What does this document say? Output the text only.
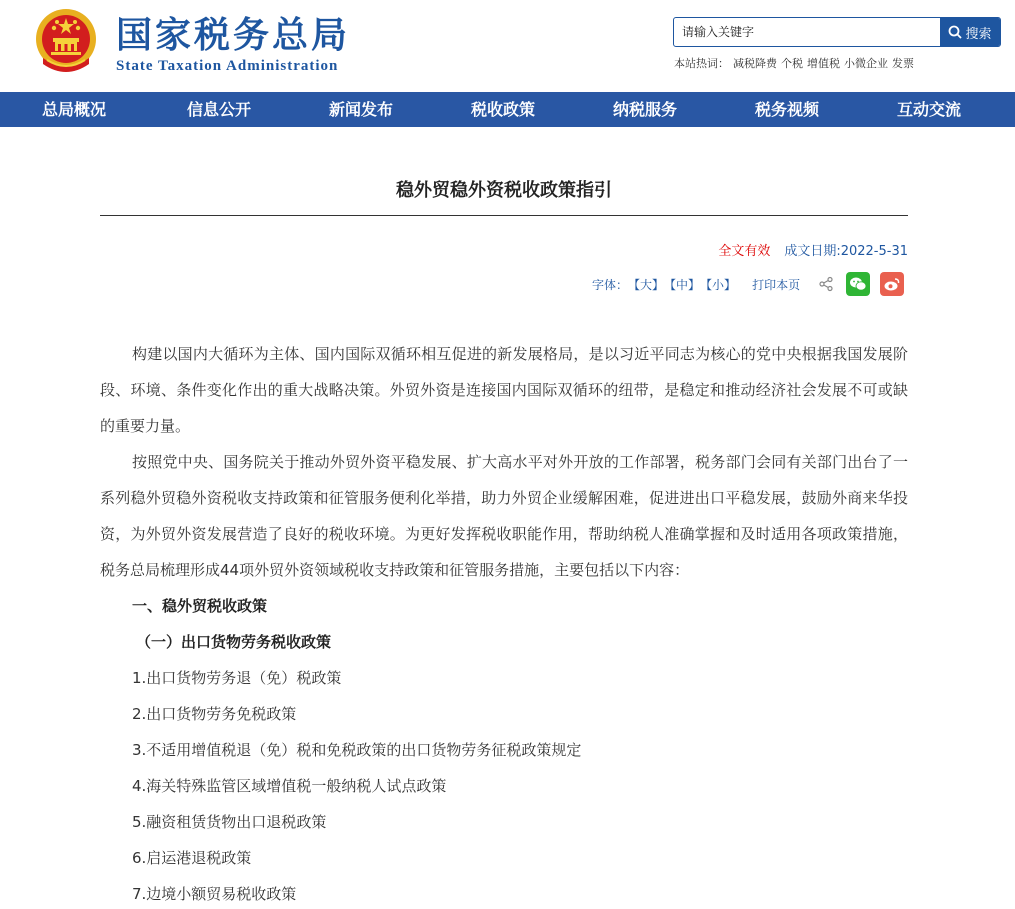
国家税务总局
State Taxation Administration
请输入关键字
搜索
本站热词： 减税降费 个税 增值税 小微企业 发票
总局概况	信息公开	新闻发布	税收政策	纳税服务	税务视频	互动交流
稳外贸稳外资税收政策指引
全文有效 成文日期:2022-5-31
字体： 【大】 【中】 【小】 打印本页

构建以国内大循环为主体、国内国际双循环相互促进的新发展格局，是以习近平同志为核心的党中央根据我国发展阶段、环境、条件变化作出的重大战略决策。外贸外资是连接国内国际双循环的纽带，是稳定和推动经济社会发展不可或缺的重要力量。

按照党中央、国务院关于推动外贸外资平稳发展、扩大高水平对外开放的工作部署，税务部门会同有关部门出台了一系列稳外贸稳外资税收支持政策和征管服务便利化举措，助力外贸企业缓解困难，促进进出口平稳发展，鼓励外商来华投资，为外贸外资发展营造了良好的税收环境。为更好发挥税收职能作用，帮助纳税人准确掌握和及时适用各项政策措施，税务总局梳理形成44项外贸外资领域税收支持政策和征管服务措施，主要包括以下内容：

一、稳外贸税收政策
（一）出口货物劳务税收政策
1.出口货物劳务退（免）税政策
2.出口货物劳务免税政策
3.不适用增值税退（免）税和免税政策的出口货物劳务征税政策规定
4.海关特殊监管区域增值税一般纳税人试点政策
5.融资租赁货物出口退税政策
6.启运港退税政策
7.边境小额贸易税收政策
